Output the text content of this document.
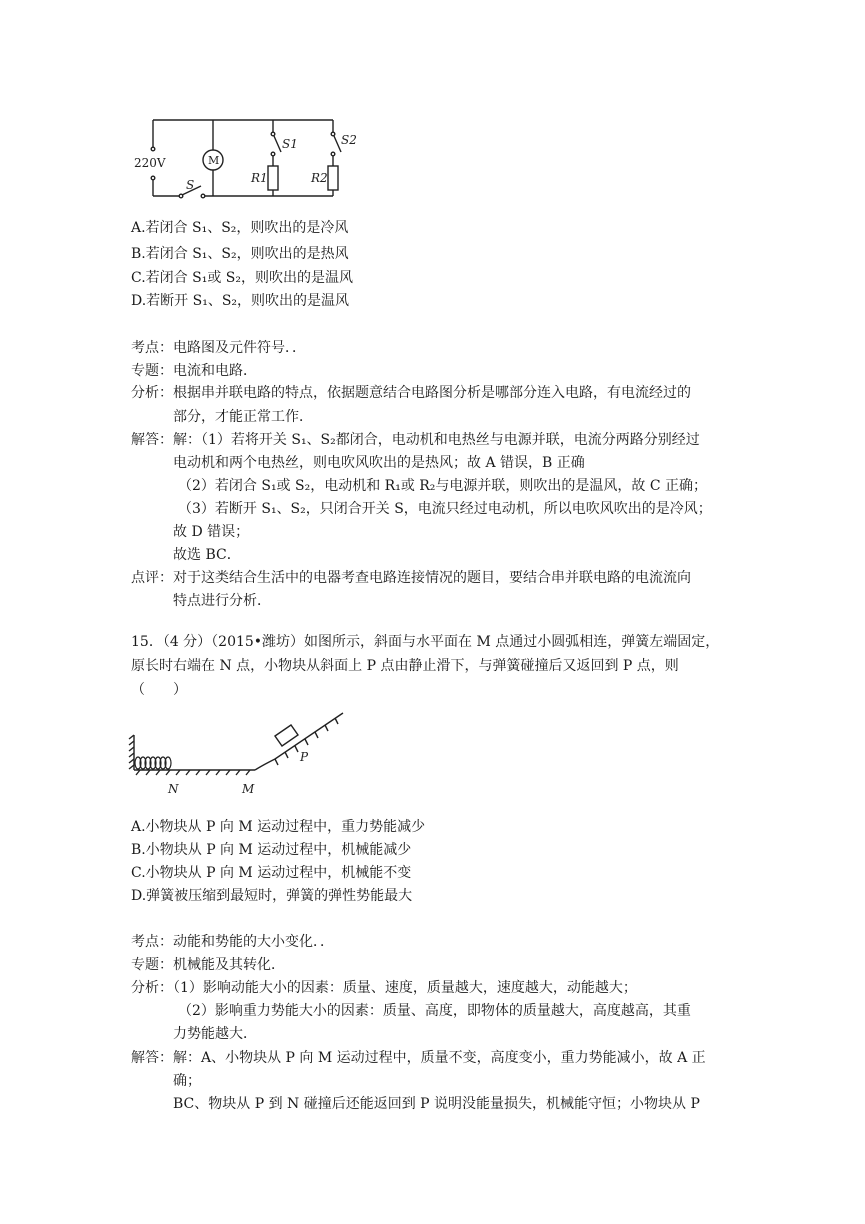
220V	M
S
S1	S2
R1	R2
A.若闭合 S₁、S₂，则吹出的是冷风
B.若闭合 S₁、S₂，则吹出的是热风
C.若闭合 S₁或 S₂，则吹出的是温风
D.若断开 S₁、S₂，则吹出的是温风
考点：电路图及元件符号．．
专题：电流和电路．
分析：根据串并联电路的特点，依据题意结合电路图分析是哪部分连入电路，有电流经过的
部分，才能正常工作．
解答：解：（1）若将开关 S₁、S₂都闭合，电动机和电热丝与电源并联，电流分两路分别经过
电动机和两个电热丝，则电吹风吹出的是热风；故 A 错误，B 正确
（2）若闭合 S₁或 S₂，电动机和 R₁或 R₂与电源并联，则吹出的是温风，故 C 正确；
（3）若断开 S₁、S₂，只闭合开关 S，电流只经过电动机，所以电吹风吹出的是冷风；
故 D 错误；
故选 BC．
点评：对于这类结合生活中的电器考查电路连接情况的题目，要结合串并联电路的电流流向
特点进行分析．
15．（4 分）（2015•潍坊）如图所示，斜面与水平面在 M 点通过小圆弧相连，弹簧左端固定，
原长时右端在 N 点，小物块从斜面上 P 点由静止滑下，与弹簧碰撞后又返回到 P 点，则
（　　）
N	M
P
A.小物块从 P 向 M 运动过程中，重力势能减少
B.小物块从 P 向 M 运动过程中，机械能减少
C.小物块从 P 向 M 运动过程中，机械能不变
D.弹簧被压缩到最短时，弹簧的弹性势能最大
考点：动能和势能的大小变化．．
专题：机械能及其转化．
分析：（1）影响动能大小的因素：质量、速度，质量越大，速度越大，动能越大；
（2）影响重力势能大小的因素：质量、高度，即物体的质量越大，高度越高，其重
力势能越大．
解答：解：A、小物块从 P 向 M 运动过程中，质量不变，高度变小，重力势能减小，故 A 正
确；
BC、物块从 P 到 N 碰撞后还能返回到 P 说明没能量损失，机械能守恒；小物块从 P
